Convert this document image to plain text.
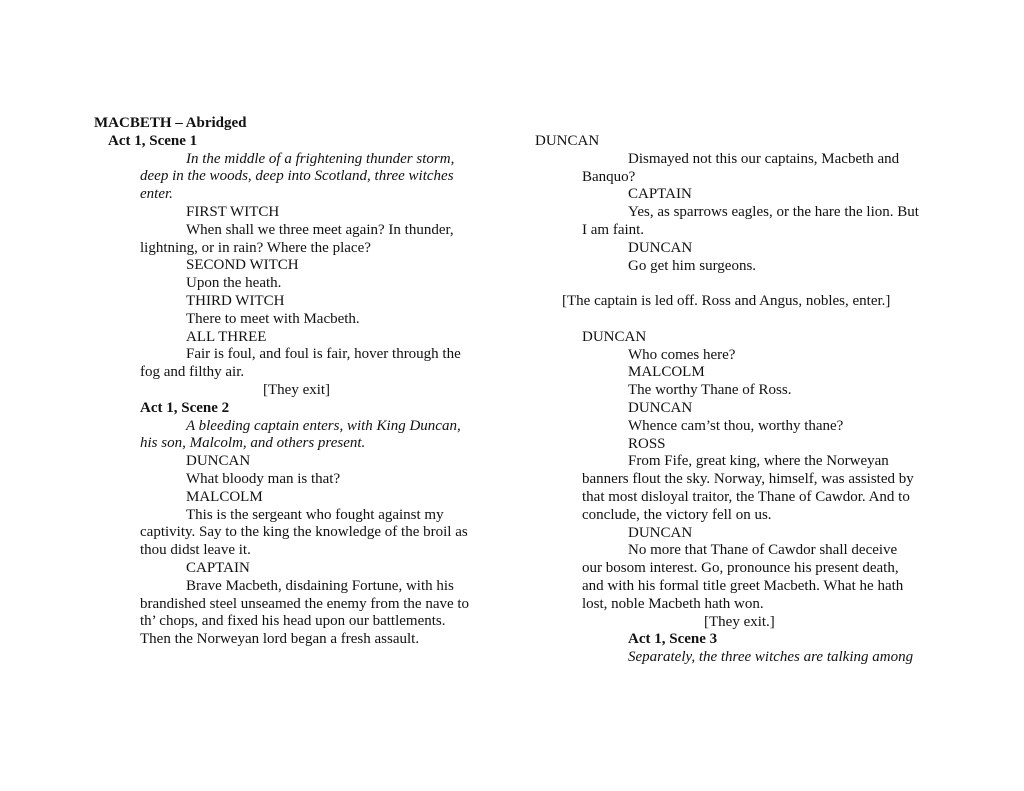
MACBETH – Abridged
Act 1, Scene 1
In the middle of a frightening thunder storm,
deep in the woods, deep into Scotland, three witches
enter.
FIRST WITCH
When shall we three meet again? In thunder,
lightning, or in rain? Where the place?
SECOND WITCH
Upon the heath.
THIRD WITCH
There to meet with Macbeth.
ALL THREE
Fair is foul, and foul is fair, hover through the
fog and filthy air.
[They exit]
Act 1, Scene 2
A bleeding captain enters, with King Duncan,
his son, Malcolm, and others present.
DUNCAN
What bloody man is that?
MALCOLM
This is the sergeant who fought against my
captivity. Say to the king the knowledge of the broil as
thou didst leave it.
CAPTAIN
Brave Macbeth, disdaining Fortune, with his
brandished steel unseamed the enemy from the nave to
th’ chops, and fixed his head upon our battlements.
Then the Norweyan lord began a fresh assault.
DUNCAN
Dismayed not this our captains, Macbeth and
Banquo?
CAPTAIN
Yes, as sparrows eagles, or the hare the lion. But
I am faint.
DUNCAN
Go get him surgeons.
[The captain is led off. Ross and Angus, nobles, enter.]
DUNCAN
Who comes here?
MALCOLM
The worthy Thane of Ross.
DUNCAN
Whence cam’st thou, worthy thane?
ROSS
From Fife, great king, where the Norweyan
banners flout the sky. Norway, himself, was assisted by
that most disloyal traitor, the Thane of Cawdor. And to
conclude, the victory fell on us.
DUNCAN
No more that Thane of Cawdor shall deceive
our bosom interest. Go, pronounce his present death,
and with his formal title greet Macbeth. What he hath
lost, noble Macbeth hath won.
[They exit.]
Act 1, Scene 3
Separately, the three witches are talking among
